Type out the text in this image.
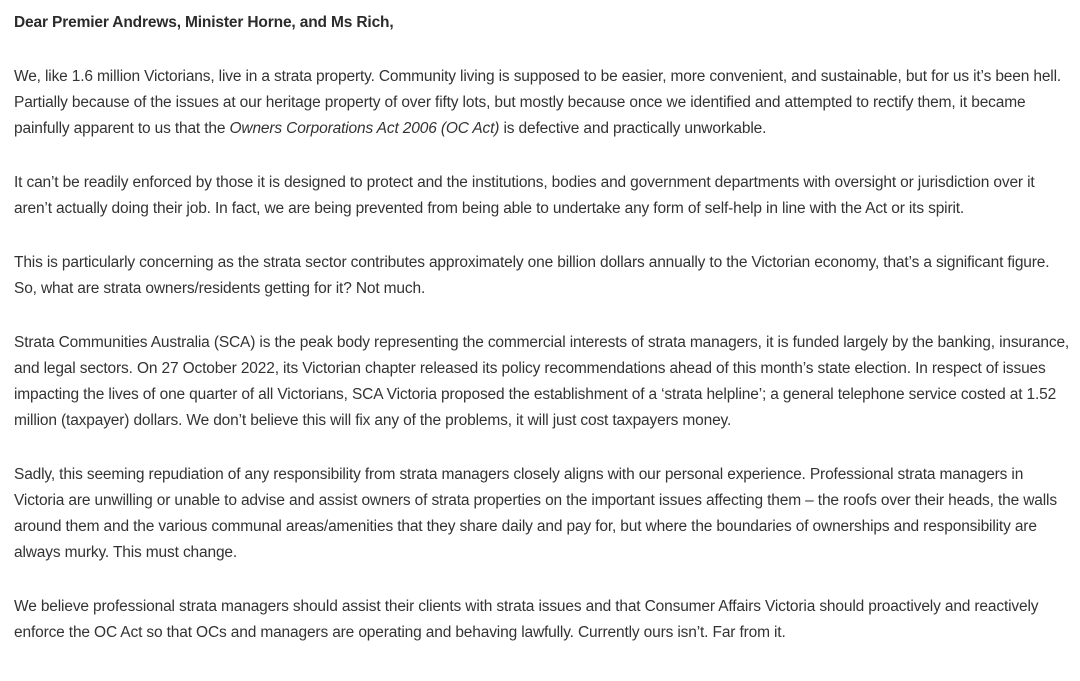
Dear Premier Andrews, Minister Horne, and Ms Rich,

We, like 1.6 million Victorians, live in a strata property. Community living is supposed to be easier, more convenient, and sustainable, but for us it’s been hell. Partially because of the issues at our heritage property of over fifty lots, but mostly because once we identified and attempted to rectify them, it became painfully apparent to us that the Owners Corporations Act 2006 (OC Act) is defective and practically unworkable.

It can’t be readily enforced by those it is designed to protect and the institutions, bodies and government departments with oversight or jurisdiction over it aren’t actually doing their job. In fact, we are being prevented from being able to undertake any form of self-help in line with the Act or its spirit.

This is particularly concerning as the strata sector contributes approximately one billion dollars annually to the Victorian economy, that’s a significant figure. So, what are strata owners/residents getting for it? Not much.

Strata Communities Australia (SCA) is the peak body representing the commercial interests of strata managers, it is funded largely by the banking, insurance, and legal sectors. On 27 October 2022, its Victorian chapter released its policy recommendations ahead of this month’s state election. In respect of issues impacting the lives of one quarter of all Victorians, SCA Victoria proposed the establishment of a ‘strata helpline’; a general telephone service costed at 1.52 million (taxpayer) dollars. We don’t believe this will fix any of the problems, it will just cost taxpayers money.

Sadly, this seeming repudiation of any responsibility from strata managers closely aligns with our personal experience. Professional strata managers in Victoria are unwilling or unable to advise and assist owners of strata properties on the important issues affecting them – the roofs over their heads, the walls around them and the various communal areas/amenities that they share daily and pay for, but where the boundaries of ownerships and responsibility are always murky. This must change.

We believe professional strata managers should assist their clients with strata issues and that Consumer Affairs Victoria should proactively and reactively enforce the OC Act so that OCs and managers are operating and behaving lawfully. Currently ours isn’t. Far from it.
